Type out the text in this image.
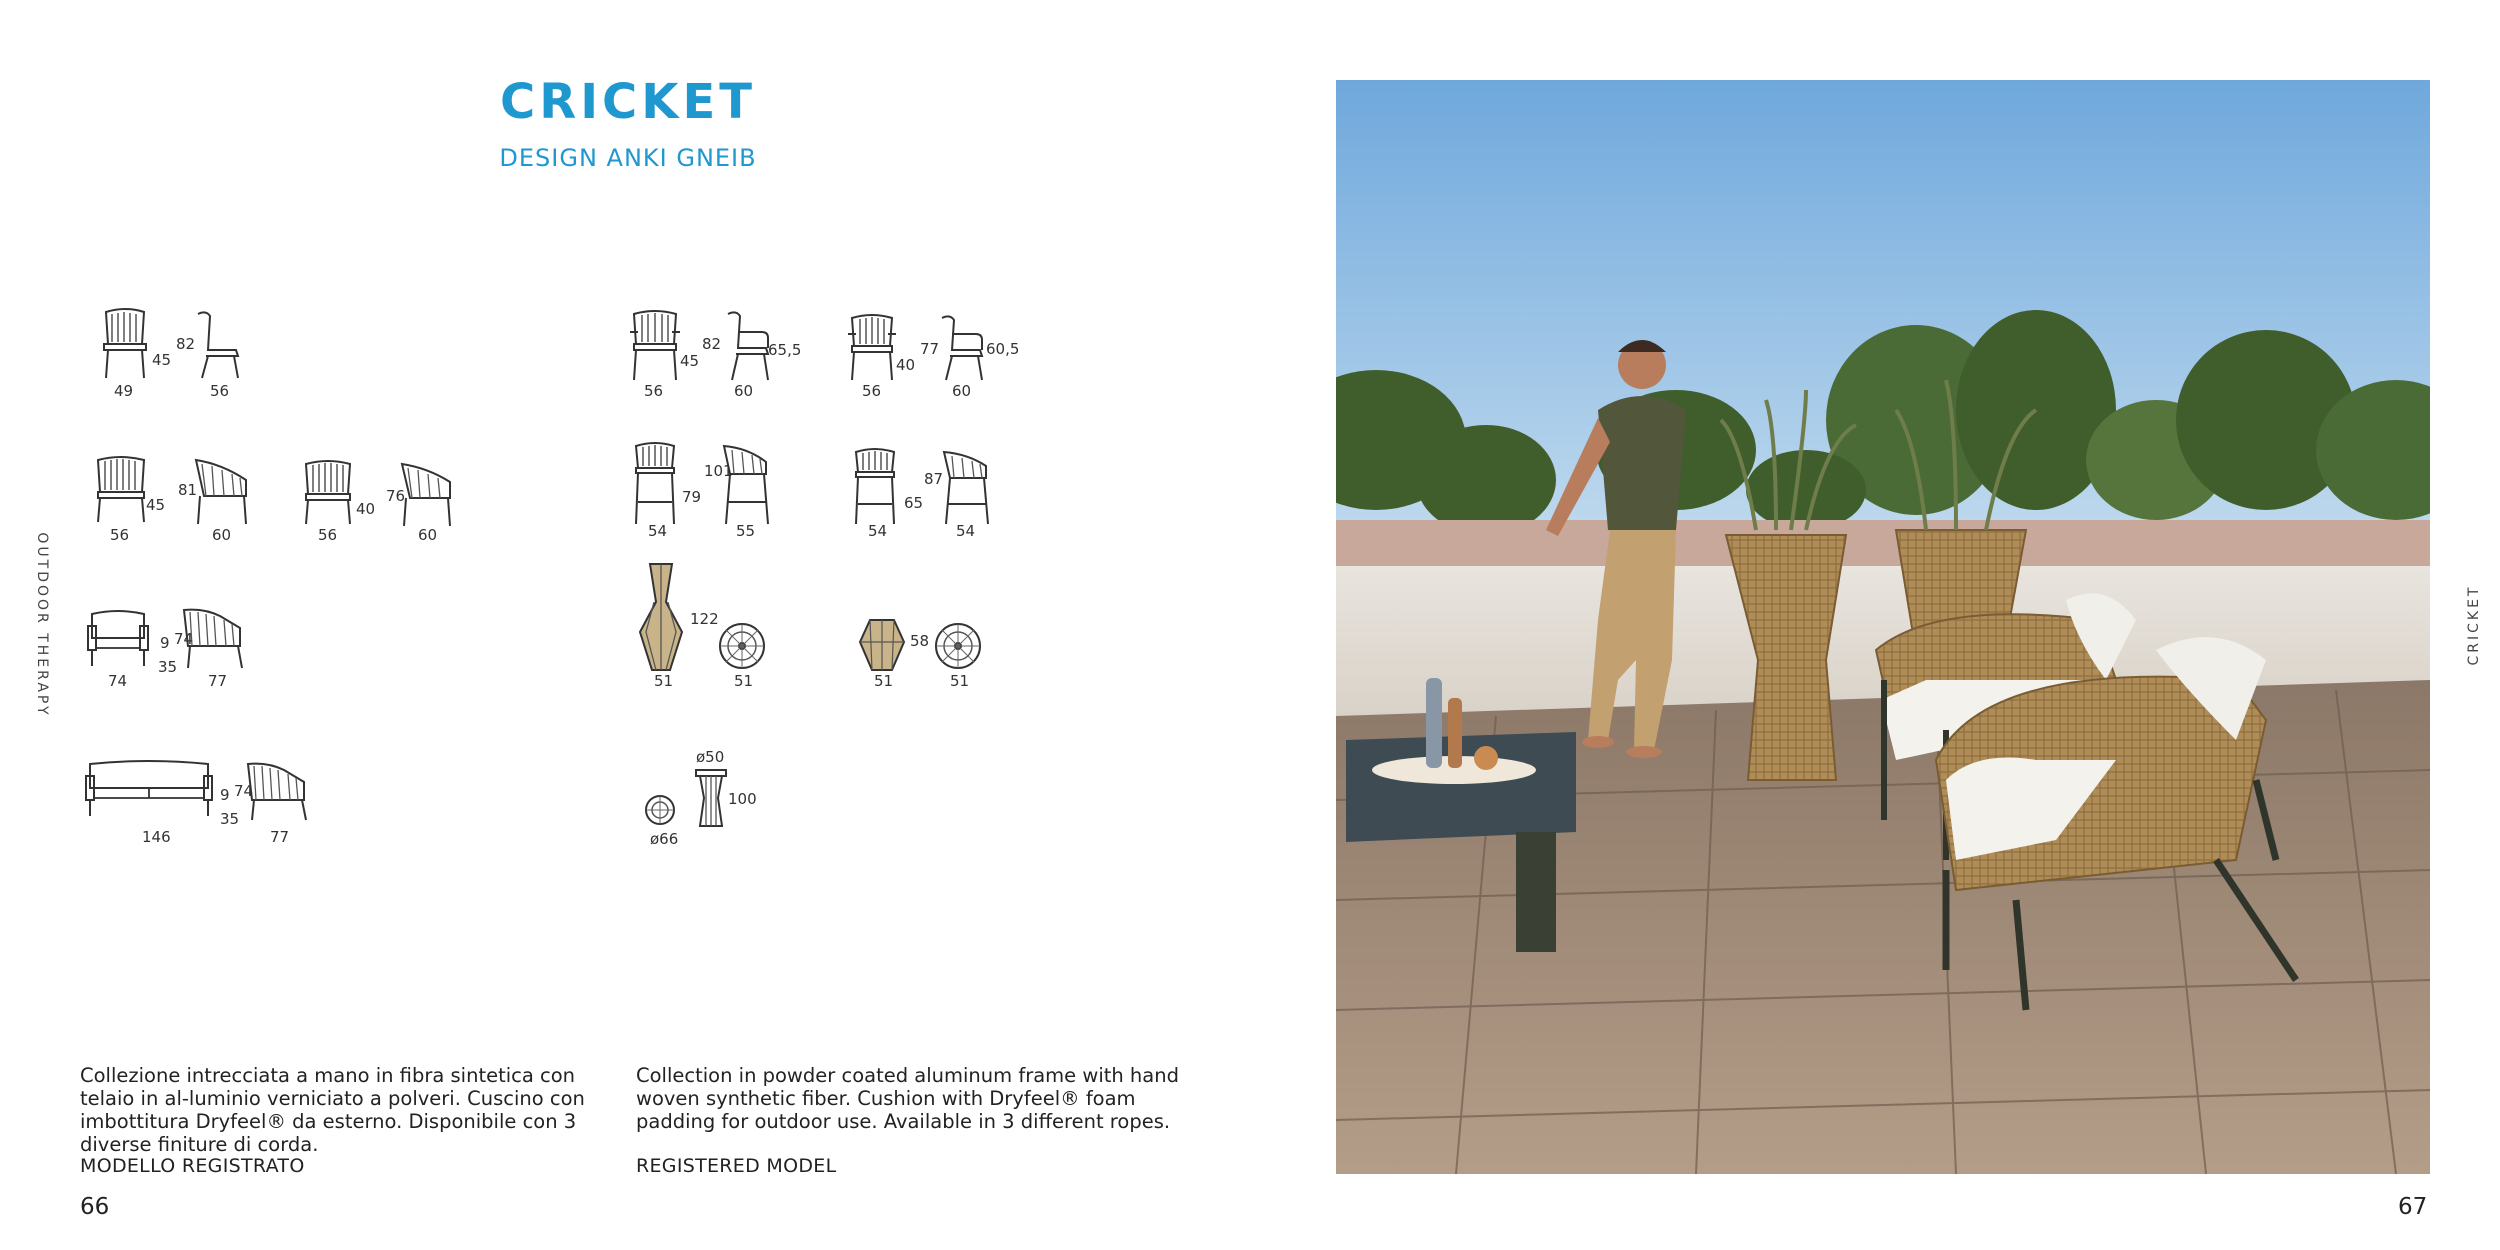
CRICKET
DESIGN ANKI GNEIB
OUTDOOR THERAPY	CRICKET
82
45
49	56
82
45
65,5
56	60
77
40
60,5
56	60
81
45
56	60
76
40
56	60
101
79
54	55
87
65
54	54
74
9
35
74	77
122
51	51
58
51	51
74
9
35
146	77
ø50
100
ø66
Collezione intrecciata a mano in fibra sintetica con telaio in al-luminio verniciato a polveri. Cuscino con imbottitura Dryfeel® da esterno. Disponibile con 3 diverse finiture di corda.
Collection in powder coated aluminum frame with hand woven synthetic fiber. Cushion with Dryfeel® foam padding for outdoor use. Available in 3 different ropes.
MODELLO REGISTRATO	REGISTERED MODEL
66	67
